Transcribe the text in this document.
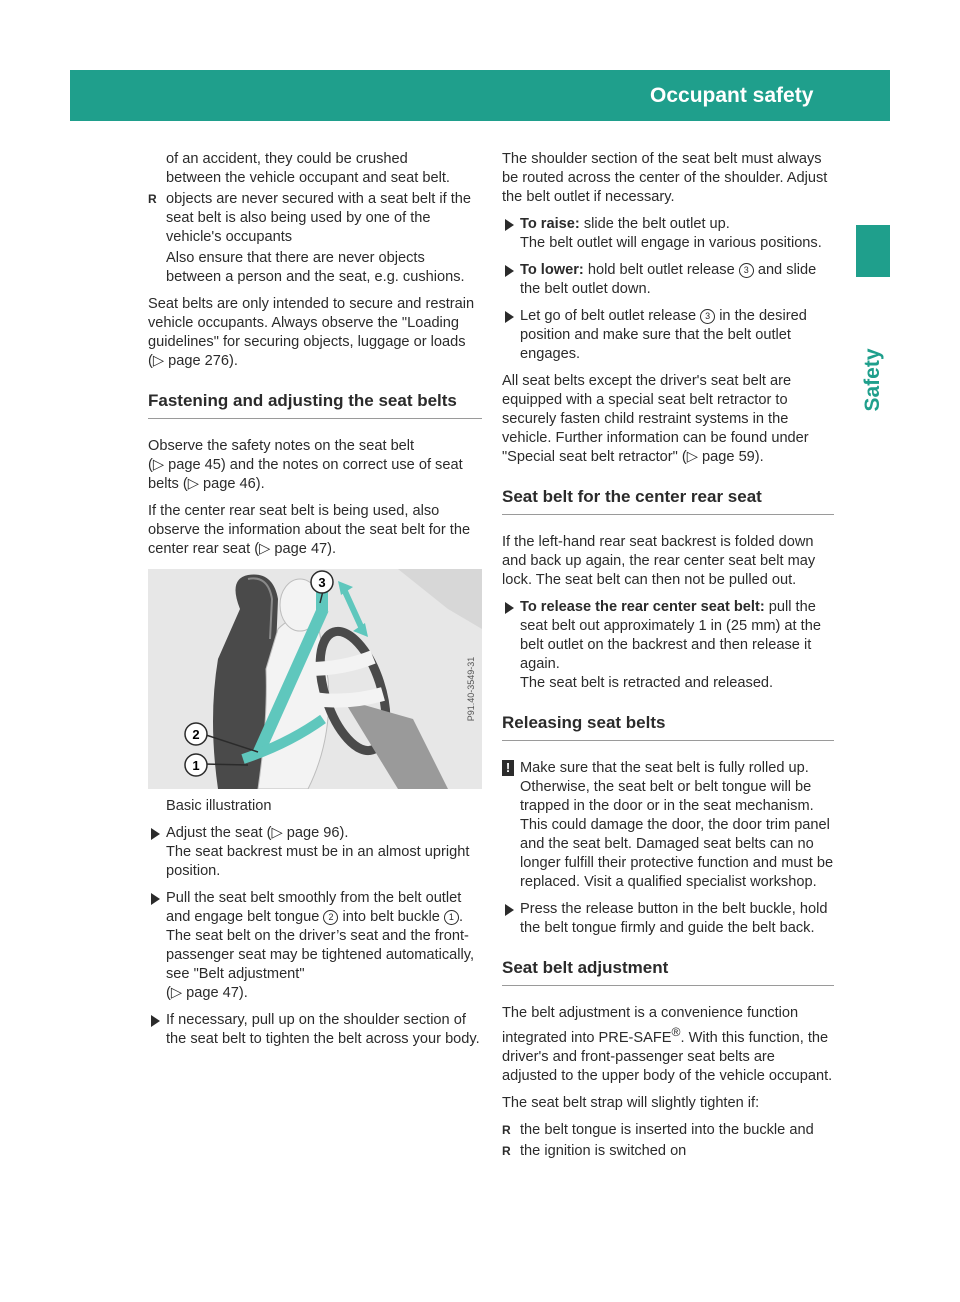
Occupant safety	47
Safety

of an accident, they could be crushed
between the vehicle occupant and seat belt.

R objects are never secured with a seat belt if the seat belt is also being used by one of the vehicle's occupants

Also ensure that there are never objects between a person and the seat, e.g. cushions.

Seat belts are only intended to secure and restrain vehicle occupants. Always observe the "Loading guidelines" for securing objects, luggage or loads (▷ page 276).

Fastening and adjusting the seat belts

Observe the safety notes on the seat belt
(▷ page 45) and the notes on correct use of seat belts (▷ page 46).

If the center rear seat belt is being used, also observe the information about the seat belt for the center rear seat (▷ page 47).

2
1
3
P91.40-3549-31

Basic illustration

Adjust the seat (▷ page 96).
The seat backrest must be in an almost upright position.
Pull the seat belt smoothly from the belt outlet and engage belt tongue 2 into belt buckle 1 .
The seat belt on the driver’s seat and the front-passenger seat may be tightened automatically, see "Belt adjustment"
(▷ page 47).
If necessary, pull up on the shoulder section of the seat belt to tighten the belt across your body.

The shoulder section of the seat belt must always be routed across the center of the shoulder. Adjust the belt outlet if necessary.

To raise: slide the belt outlet up.
The belt outlet will engage in various positions.
To lower: hold belt outlet release 3 and slide the belt outlet down.
Let go of belt outlet release 3 in the desired position and make sure that the belt outlet engages.

All seat belts except the driver's seat belt are equipped with a special seat belt retractor to securely fasten child restraint systems in the vehicle. Further information can be found under "Special seat belt retractor" (▷ page 59).

Seat belt for the center rear seat

If the left-hand rear seat backrest is folded down and back up again, the rear center seat belt may lock. The seat belt can then not be pulled out.

To release the rear center seat belt: pull the seat belt out approximately 1 in (25 mm) at the belt outlet on the backrest and then release it again.
The seat belt is retracted and released.
Releasing seat belts
! Make sure that the seat belt is fully rolled up. Otherwise, the seat belt or belt tongue will be trapped in the door or in the seat mechanism. This could damage the door, the door trim panel and the seat belt. Damaged seat belts can no longer fulfill their protective function and must be replaced. Visit a qualified specialist workshop.
Press the release button in the belt buckle, hold the belt tongue firmly and guide the belt back.
Seat belt adjustment

The belt adjustment is a convenience function integrated into PRE-SAFE®. With this function, the driver's and front-passenger seat belts are adjusted to the upper body of the vehicle occupant.

The seat belt strap will slightly tighten if:

R the belt tongue is inserted into the buckle and
R the ignition is switched on
